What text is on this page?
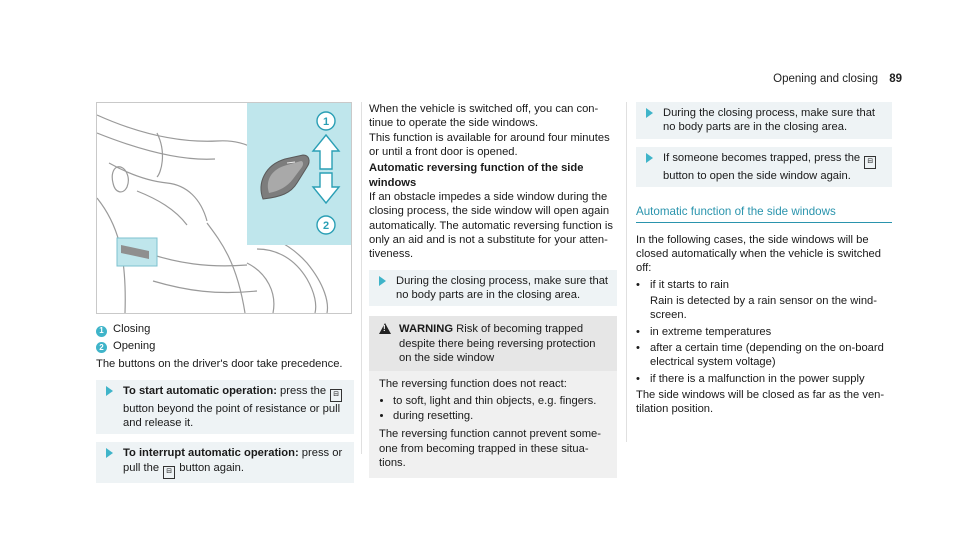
Opening and closing 89
1
2
1 Closing
2 Opening

The buttons on the driver's door take precedence.

To start automatic operation: press the ⊟ button beyond the point of resistance or pull and release it.
To interrupt automatic operation: press or pull the ⊟ button again.

When the vehicle is switched off, you can continue to operate the side windows.

This function is available for around four minutes or until a front door is opened.

Automatic reversing function of the side windows

If an obstacle impedes a side window during the closing process, the side window will open again automatically. The automatic reversing function is only an aid and is not a substitute for your attentiveness.

During the closing process, make sure that no body parts are in the closing area.
!
WARNING Risk of becoming trapped despite there being reversing protection on the side window

The reversing function does not react:

• to soft, light and thin objects, e.g. fingers.
• during resetting.

The reversing function cannot prevent someone from becoming trapped in these situations.

During the closing process, make sure that no body parts are in the closing area.
If someone becomes trapped, press the ⊟ button to open the side window again.
Automatic function of the side windows

In the following cases, the side windows will be closed automatically when the vehicle is switched off:

• if it starts to rain

Rain is detected by a rain sensor on the windscreen.

• in extreme temperatures
• after a certain time (depending on the on-board electrical system voltage)
• if there is a malfunction in the power supply

The side windows will be closed as far as the ventilation position.
